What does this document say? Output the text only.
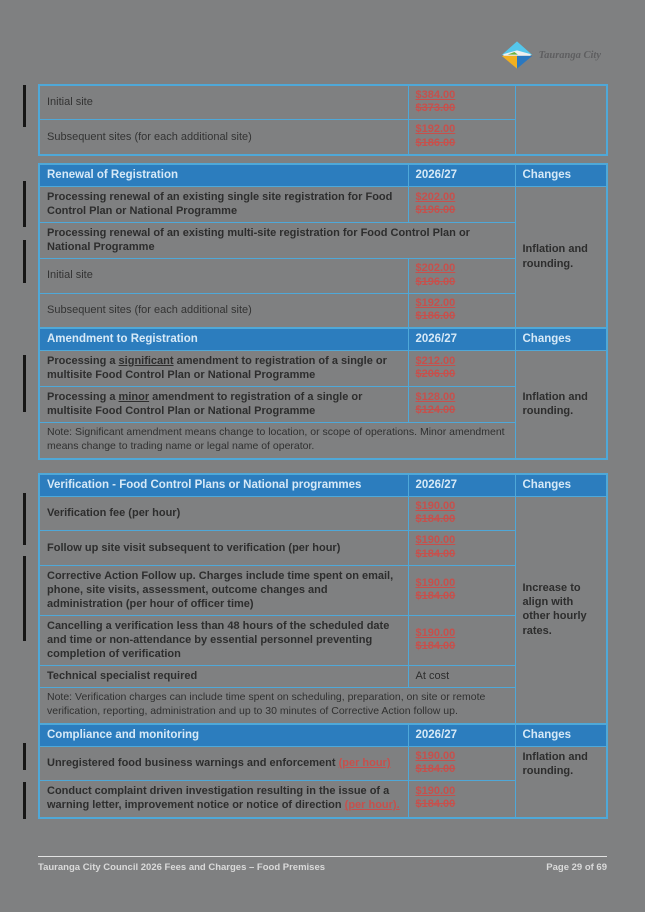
Tauranga City
Initial site	$384.00
$373.00	

Subsequent sites (for each additional site)	$192.00
$186.00	
Renewal of Registration	2026/27	Changes
Processing renewal of an existing single site registration for Food Control Plan or National Programme	$202.00
$196.00	Inflation and rounding.
Processing renewal of an existing multi-site registration for Food Control Plan or National Programme		
Initial site	$202.00
$196.00	

Subsequent sites (for each additional site)	$192.00
$186.00	
Amendment to Registration	2026/27	Changes
Processing a significant amendment to registration of a single or multisite Food Control Plan or National Programme	$212.00
$206.00	Inflation and rounding.
Processing a minor amendment to registration of a single or multisite Food Control Plan or National Programme	$128.00
$124.00	

Note: Significant amendment means change to location, or scope of operations. Minor amendment means change to trading name or legal name of operator.		
Verification - Food Control Plans or National programmes	2026/27	Changes
Verification fee (per hour)	$190.00
$184.00	Increase to align with other hourly rates.
Follow up site visit subsequent to verification (per hour)	$190.00
$184.00	

Corrective Action Follow up. Charges include time spent on email, phone, site visits, assessment, outcome changes and administration (per hour of officer time)	$190.00
$184.00	

Cancelling a verification less than 48 hours of the scheduled date and time or non-attendance by essential personnel preventing completion of verification	$190.00
$184.00	

Technical specialist required	At cost	
Note: Verification charges can include time spent on scheduling, preparation, on site or remote verification, reporting, administration and up to 30 minutes of Corrective Action follow up.		
Compliance and monitoring	2026/27	Changes
Unregistered food business warnings and enforcement (per hour)	$190.00
$184.00	Inflation and rounding.
Conduct complaint driven investigation resulting in the issue of a warning letter, improvement notice or notice of direction (per hour).	$190.00
$184.00	
Tauranga City Council 2026 Fees and Charges – Food Premises	Page 29 of 69
